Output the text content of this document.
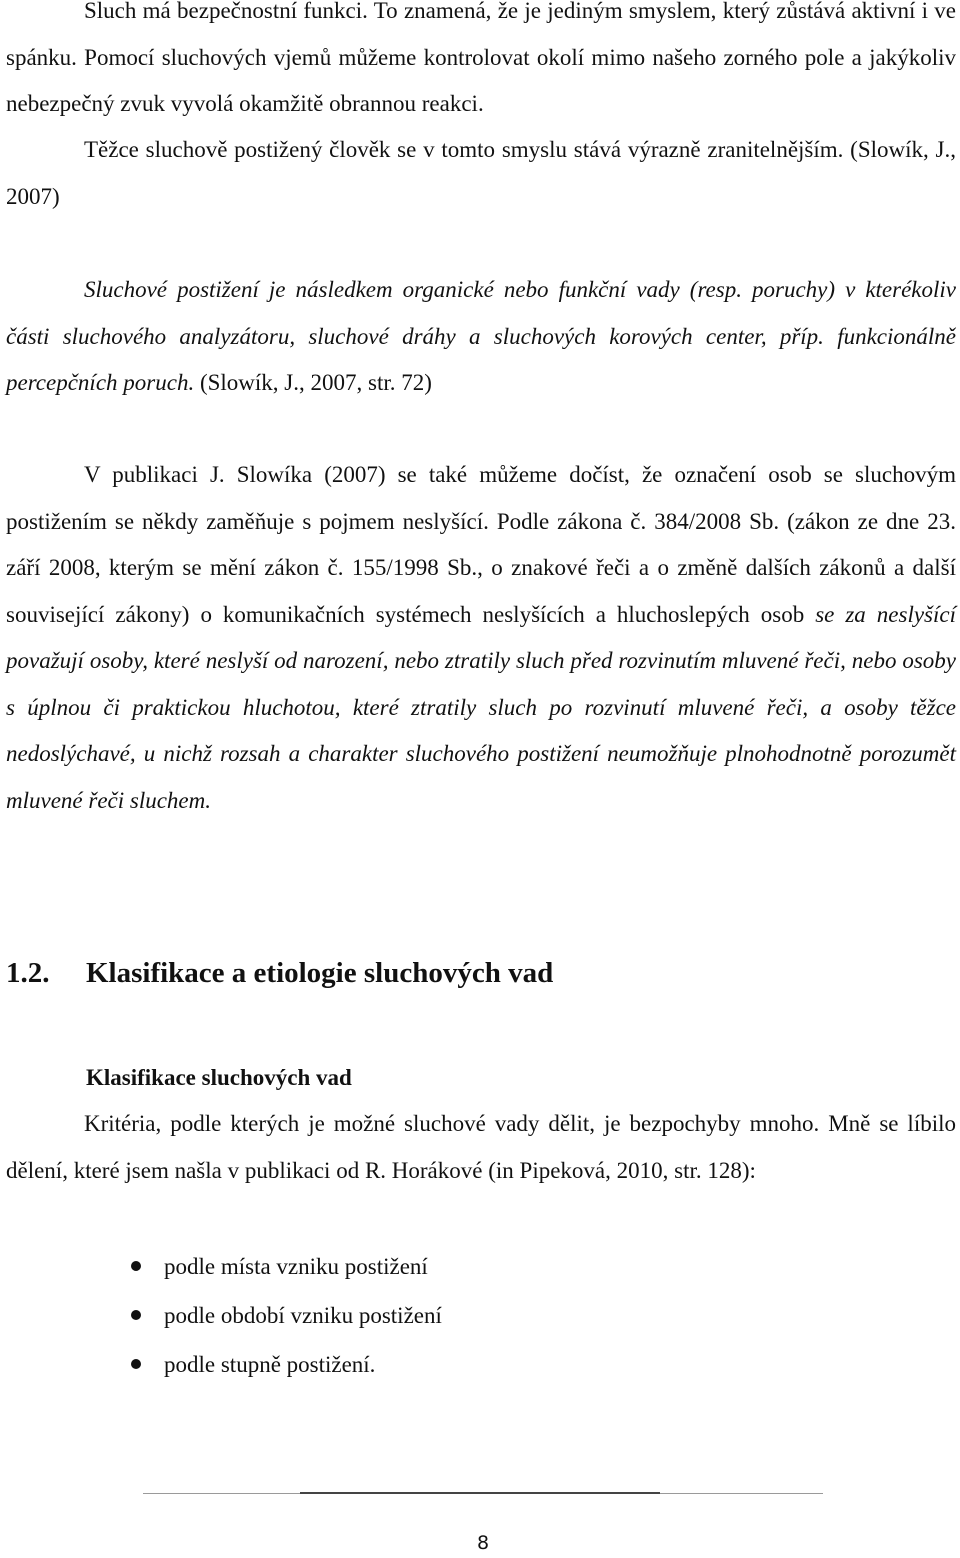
Sluch má bezpečnostní funkci. To znamená, že je jediným smyslem, který zůstává aktivní i ve spánku. Pomocí sluchových vjemů můžeme kontrolovat okolí mimo našeho zorného pole a jakýkoliv nebezpečný zvuk vyvolá okamžitě obrannou reakci.

Těžce sluchově postižený člověk se v tomto smyslu stává výrazně zranitelnějším. (Slowík, J., 2007)

Sluchové postižení je následkem organické nebo funkční vady (resp. poruchy) v kterékoliv části sluchového analyzátoru, sluchové dráhy a sluchových korových center, příp. funkcionálně percepčních poruch. (Slowík, J., 2007, str. 72)

V publikaci J. Slowíka (2007) se také můžeme dočíst, že označení osob se sluchovým postižením se někdy zaměňuje s pojmem neslyšící. Podle zákona č. 384/2008 Sb. (zákon ze dne 23. září 2008, kterým se mění zákon č. 155/1998 Sb., o znakové řeči a o změně dalších zákonů a další související zákony) o komunikačních systémech neslyšících a hluchoslepých osob se za neslyšící považují osoby, které neslyší od narození, nebo ztratily sluch před rozvinutím mluvené řeči, nebo osoby s úplnou či praktickou hluchotou, které ztratily sluch po rozvinutí mluvené řeči, a osoby těžce nedoslýchavé, u nichž rozsah a charakter sluchového postižení neumožňuje plnohodnotně porozumět mluvené řeči sluchem.

1.2. Klasifikace a etiologie sluchových vad
Klasifikace sluchových vad

Kritéria, podle kterých je možné sluchové vady dělit, je bezpochyby mnoho. Mně se líbilo dělení, které jsem našla v publikaci od R. Horákové (in Pipeková, 2010, str. 128):

podle místa vzniku postižení
podle období vzniku postižení
podle stupně postižení.
8
